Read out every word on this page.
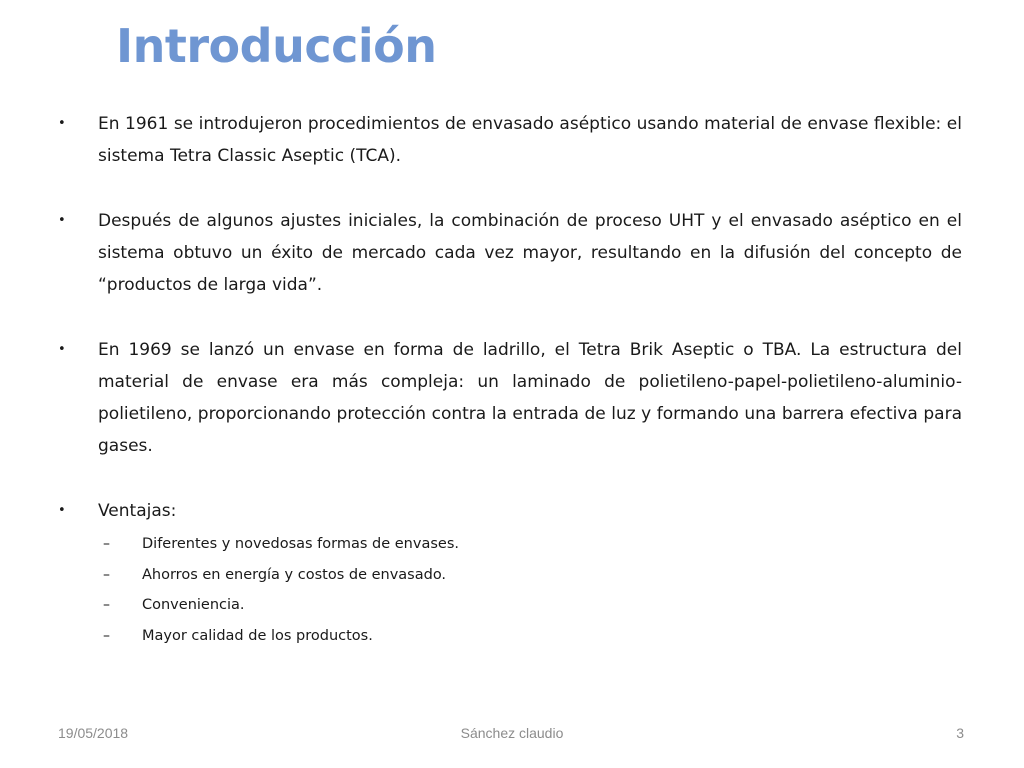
Introducción
•	En 1961 se introdujeron procedimientos de envasado aséptico usando material de envase flexible: el sistema Tetra Classic Aseptic (TCA).

•	Después de algunos ajustes iniciales, la combinación de proceso UHT y el envasado aséptico en el sistema obtuvo un éxito de mercado cada vez mayor, resultando en la difusión del concepto de “productos de larga vida”.

•	En 1969 se lanzó un envase en forma de ladrillo, el Tetra Brik Aseptic o TBA. La estructura del material de envase era más compleja: un laminado de polietileno-papel-polietileno-aluminio-polietileno, proporcionando protección contra la entrada de luz y formando una barrera efectiva para gases.

•	Ventajas:

–	Diferentes y novedosas formas de envases.
–	Ahorros en energía y costos de envasado.
–	Conveniencia.
–	Mayor calidad de los productos.
19/05/2018	Sánchez claudio	3
